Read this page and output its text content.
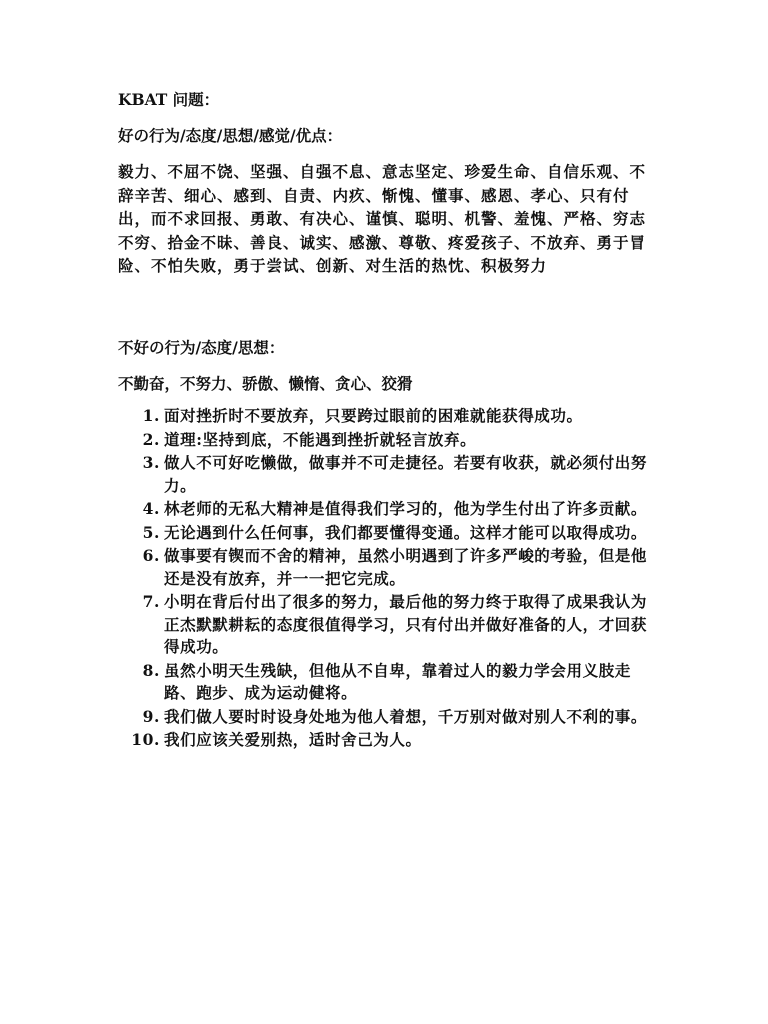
KBAT 问题：
好の行为/态度/思想/感觉/优点：
毅力、不屈不饶、坚强、自强不息、意志坚定、珍爱生命、自信乐观、不辞辛苦、细心、感到、自责、内疚、惭愧、懂事、感恩、孝心、只有付出，而不求回报、勇敢、有决心、谨慎、聪明、机警、羞愧、严格、穷志不穷、拾金不昧、善良、诚实、感激、尊敬、疼爱孩子、不放弃、勇于冒险、不怕失败，勇于尝试、创新、对生活的热忱、积极努力
不好の行为/态度/思想：
不勤奋，不努力、骄傲、懒惰、贪心、狡猾
1. 面对挫折时不要放弃，只要跨过眼前的困难就能获得成功。
2. 道理:坚持到底，不能遇到挫折就轻言放弃。
3. 做人不可好吃懒做，做事并不可走捷径。若要有收获，就必须付出努力。
4. 林老师的无私大精神是值得我们学习的，他为学生付出了许多贡献。
5. 无论遇到什么任何事，我们都要懂得变通。这样才能可以取得成功。
6. 做事要有锲而不舍的精神，虽然小明遇到了许多严峻的考验，但是他还是没有放弃，并一一把它完成。
7. 小明在背后付出了很多的努力，最后他的努力终于取得了成果我认为正杰默默耕耘的态度很值得学习，只有付出并做好准备的人，才回获得成功。
8. 虽然小明天生残缺，但他从不自卑，靠着过人的毅力学会用义肢走路、跑步、成为运动健将。
9. 我们做人要时时设身处地为他人着想，千万别对做对别人不利的事。
10. 我们应该关爱别热，适时舍己为人。
